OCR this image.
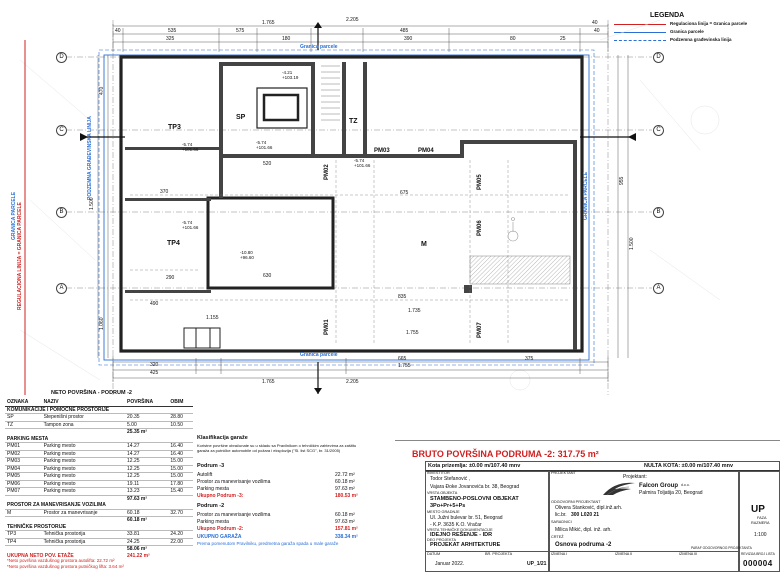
LEGENDA
Regulaciona linija = Granica parcele
Granica parcele
Podzemna građevinska linija
1.765	2.205	40
40	535	575	485	40
325	180	390	80	25
Granica parcele
Granica parcele
GRANICA PARCELE
GRANICA PARCELE
PODZEMNA GRAĐEVINSKA LINIJA
REGULACIONA LINIJA = GRANICA PARCELE
D
C
B
A
D
C
B
A
470
1.500
1.060
955
1.500
TP3
SP
TZ
TP4	M
PM01
PM02
PM03	PM04
PM05
PM06
PM07
-5.74
+101.66
-4.21
+103.19
-5.74
+101.66
-5.74
+101.66
-5.74
+101.66
-10.80
+96.60
370
520
675
630
490
290
835
1.735
1.755
1.155
320
665	375
425
1.755
1.765	2.205
NETO POVRŠINA - PODRUM -2
OZNAKA	NAZIV	POVRŠINA	OBIM
KOMUNIKACIJE I POMOĆNE PROSTORIJE			
SP	Stepenišni prostor	20.35	28.80
TZ	Tampon zona	5.00	10.50
		25.35 m²	
PARKING MESTA			
PM01	Parking mesto	14.27	16.40
PM02	Parking mesto	14.27	16.40
PM03	Parking mesto	12.25	15.00
PM04	Parking mesto	12.25	15.00
PM05	Parking mesto	12.25	15.00
PM06	Parking mesto	19.11	17.80
PM07	Parking mesto	13.23	15.40
		97.63 m²	
PROSTOR ZA MANEVRISANJE VOZILIMA			
M	Prostor za manevrisanje	60.18	32.70
		60.18 m²	
TEHNIČKE PROSTORIJE			
TP3	Tehnička prostorija	33.81	24.20
TP4	Tehnička prostorija	24.25	22.00
		58.06 m²	
UKUPNA NETO POV. ETAŽE		241.22 m²	
*Neto površina vazdušnog prostora autolifta: 22.72 m²
*Neto površina vazdušnog prostora putničkog lifta: 3.64 m²
Klasifikacija garaže
Koristne površine obračunate su u skladu sa Pravilnikom o tehničkim zahtevima za zaštitu garaža za putničke automobile od požara i eksplozija ("Sl. list SCG", br. 31/2005)
Podrum -3
Autolift	22.72 m²
Prostor za manevrisanje vozilima	60.18 m²
Parking mesta	97.63 m²
Ukupno Podrum -3:	180.53 m²
Podrum -2
Prostor za manevrisanje vozilima	60.18 m²
Parking mesta	97.63 m²
Ukupno Podrum -2:	157.81 m²
UKUPNO GARAŽA	338.34 m²
Prema pomenutom Pravilniku, predmetna garaža spada u male garaže
BRUTO POVRŠINA PODRUMA -2: 317.75 m²
Kota prizemlja: ±0.00 m/107.40 mnv	NULTA KOTA: ±0.00 m/107.40 mnv
INVESTITOR
Todor Stefanović ,
Vajara Đoke Jovanovića br. 38, Beograd
VRSTA OBJEKTA
STAMBENO-POSLOVNI OBJEKAT
3Po+Pr+5+Ps
MESTO GRADNJE
Ul. Južni bulevar br. 51, Beograd
- K.P. 3635 K.O. Vračar
VRSTA TEHNIČKE DOKUMENTACIJE
IDEJNO REŠENJE - IDR
DEO PROJEKTA
PROJEKAT ARHITEKTURE
DATUM
Januar 2022.
BR. PROJEKTA
UP_1/21
PROJEKTANT
Projektant:
Falcon Group d.o.o.
Palmira Toljatija 20, Beograd
ODGOVORNI PROJEKTANT
Olivera Stanković, dipl.inž.arh.
lic.br. 300 L020 21
SARADNICI
Milica Mikić, dipl. inž. arh.
CRTEŽ
Osnova podruma -2
IZMENA I	IZMENA II	IZMENA III
UP
FAZA
RAZMERA
1:100
PARAF ODGOVORNOG PROJEKTANTA
REVIZIJA BROJ LISTA
000004
